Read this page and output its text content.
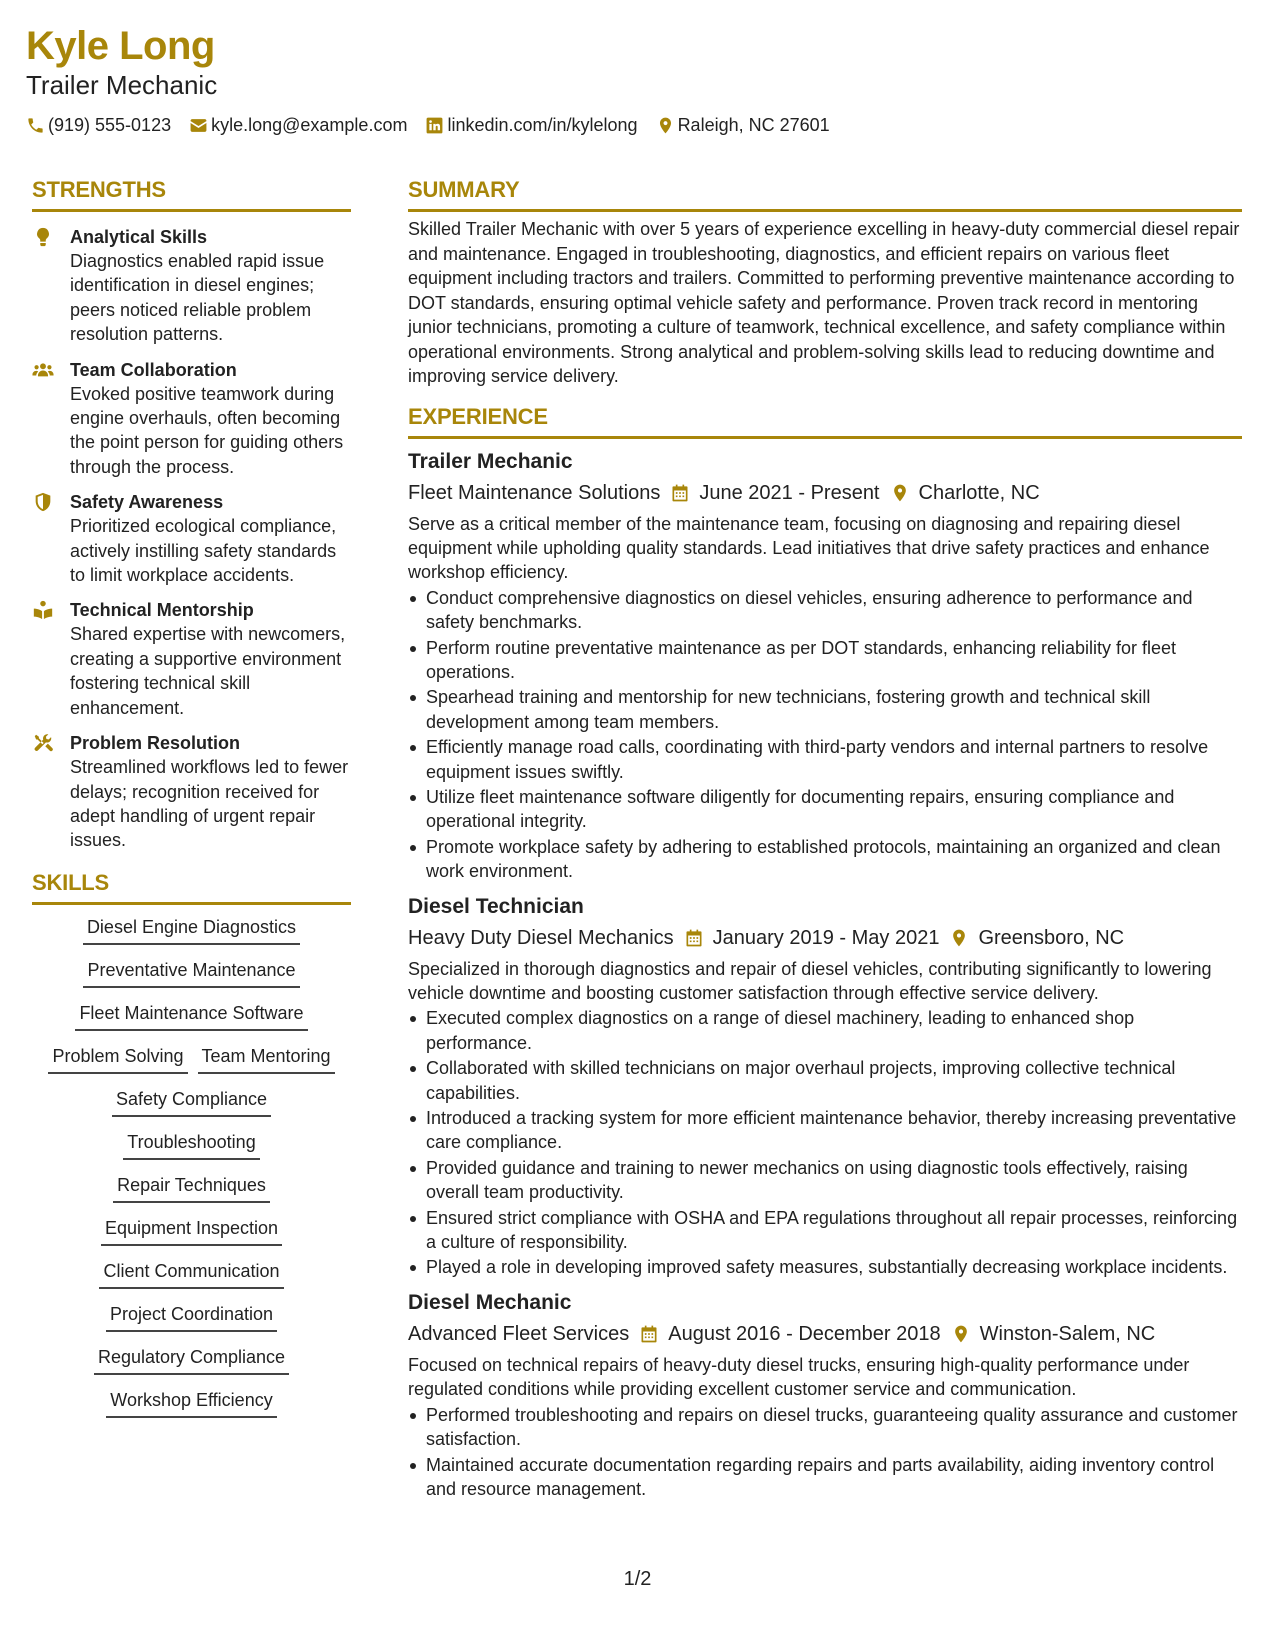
Kyle Long
Trailer Mechanic
(919) 555-0123 kyle.long@example.com linkedin.com/in/kylelong Raleigh, NC 27601
STRENGTHS
Analytical Skills
Diagnostics enabled rapid issue identification in diesel engines; peers noticed reliable problem resolution patterns.
Team Collaboration
Evoked positive teamwork during engine overhauls, often becoming the point person for guiding others through the process.
Safety Awareness
Prioritized ecological compliance, actively instilling safety standards to limit workplace accidents.
Technical Mentorship
Shared expertise with newcomers, creating a supportive environment fostering technical skill enhancement.
Problem Resolution
Streamlined workflows led to fewer delays; recognition received for adept handling of urgent repair issues.
SKILLS
Diesel Engine Diagnostics
Preventative Maintenance
Fleet Maintenance Software
Problem Solving Team Mentoring
Safety Compliance
Troubleshooting
Repair Techniques
Equipment Inspection
Client Communication
Project Coordination
Regulatory Compliance
Workshop Efficiency
SUMMARY
Skilled Trailer Mechanic with over 5 years of experience excelling in heavy-duty commercial diesel repair and maintenance. Engaged in troubleshooting, diagnostics, and efficient repairs on various fleet equipment including tractors and trailers. Committed to performing preventive maintenance according to DOT standards, ensuring optimal vehicle safety and performance. Proven track record in mentoring junior technicians, promoting a culture of teamwork, technical excellence, and safety compliance within operational environments. Strong analytical and problem-solving skills lead to reducing downtime and improving service delivery.
EXPERIENCE
Trailer Mechanic
Fleet Maintenance Solutions June 2021 - Present Charlotte, NC
Serve as a critical member of the maintenance team, focusing on diagnosing and repairing diesel equipment while upholding quality standards. Lead initiatives that drive safety practices and enhance workshop efficiency.
Conduct comprehensive diagnostics on diesel vehicles, ensuring adherence to performance and safety benchmarks.
Perform routine preventative maintenance as per DOT standards, enhancing reliability for fleet operations.
Spearhead training and mentorship for new technicians, fostering growth and technical skill development among team members.
Efficiently manage road calls, coordinating with third-party vendors and internal partners to resolve equipment issues swiftly.
Utilize fleet maintenance software diligently for documenting repairs, ensuring compliance and operational integrity.
Promote workplace safety by adhering to established protocols, maintaining an organized and clean work environment.
Diesel Technician
Heavy Duty Diesel Mechanics January 2019 - May 2021 Greensboro, NC
Specialized in thorough diagnostics and repair of diesel vehicles, contributing significantly to lowering vehicle downtime and boosting customer satisfaction through effective service delivery.
Executed complex diagnostics on a range of diesel machinery, leading to enhanced shop performance.
Collaborated with skilled technicians on major overhaul projects, improving collective technical capabilities.
Introduced a tracking system for more efficient maintenance behavior, thereby increasing preventative care compliance.
Provided guidance and training to newer mechanics on using diagnostic tools effectively, raising overall team productivity.
Ensured strict compliance with OSHA and EPA regulations throughout all repair processes, reinforcing a culture of responsibility.
Played a role in developing improved safety measures, substantially decreasing workplace incidents.
Diesel Mechanic
Advanced Fleet Services August 2016 - December 2018 Winston-Salem, NC
Focused on technical repairs of heavy-duty diesel trucks, ensuring high-quality performance under regulated conditions while providing excellent customer service and communication.
Performed troubleshooting and repairs on diesel trucks, guaranteeing quality assurance and customer satisfaction.
Maintained accurate documentation regarding repairs and parts availability, aiding inventory control and resource management.
1/2
